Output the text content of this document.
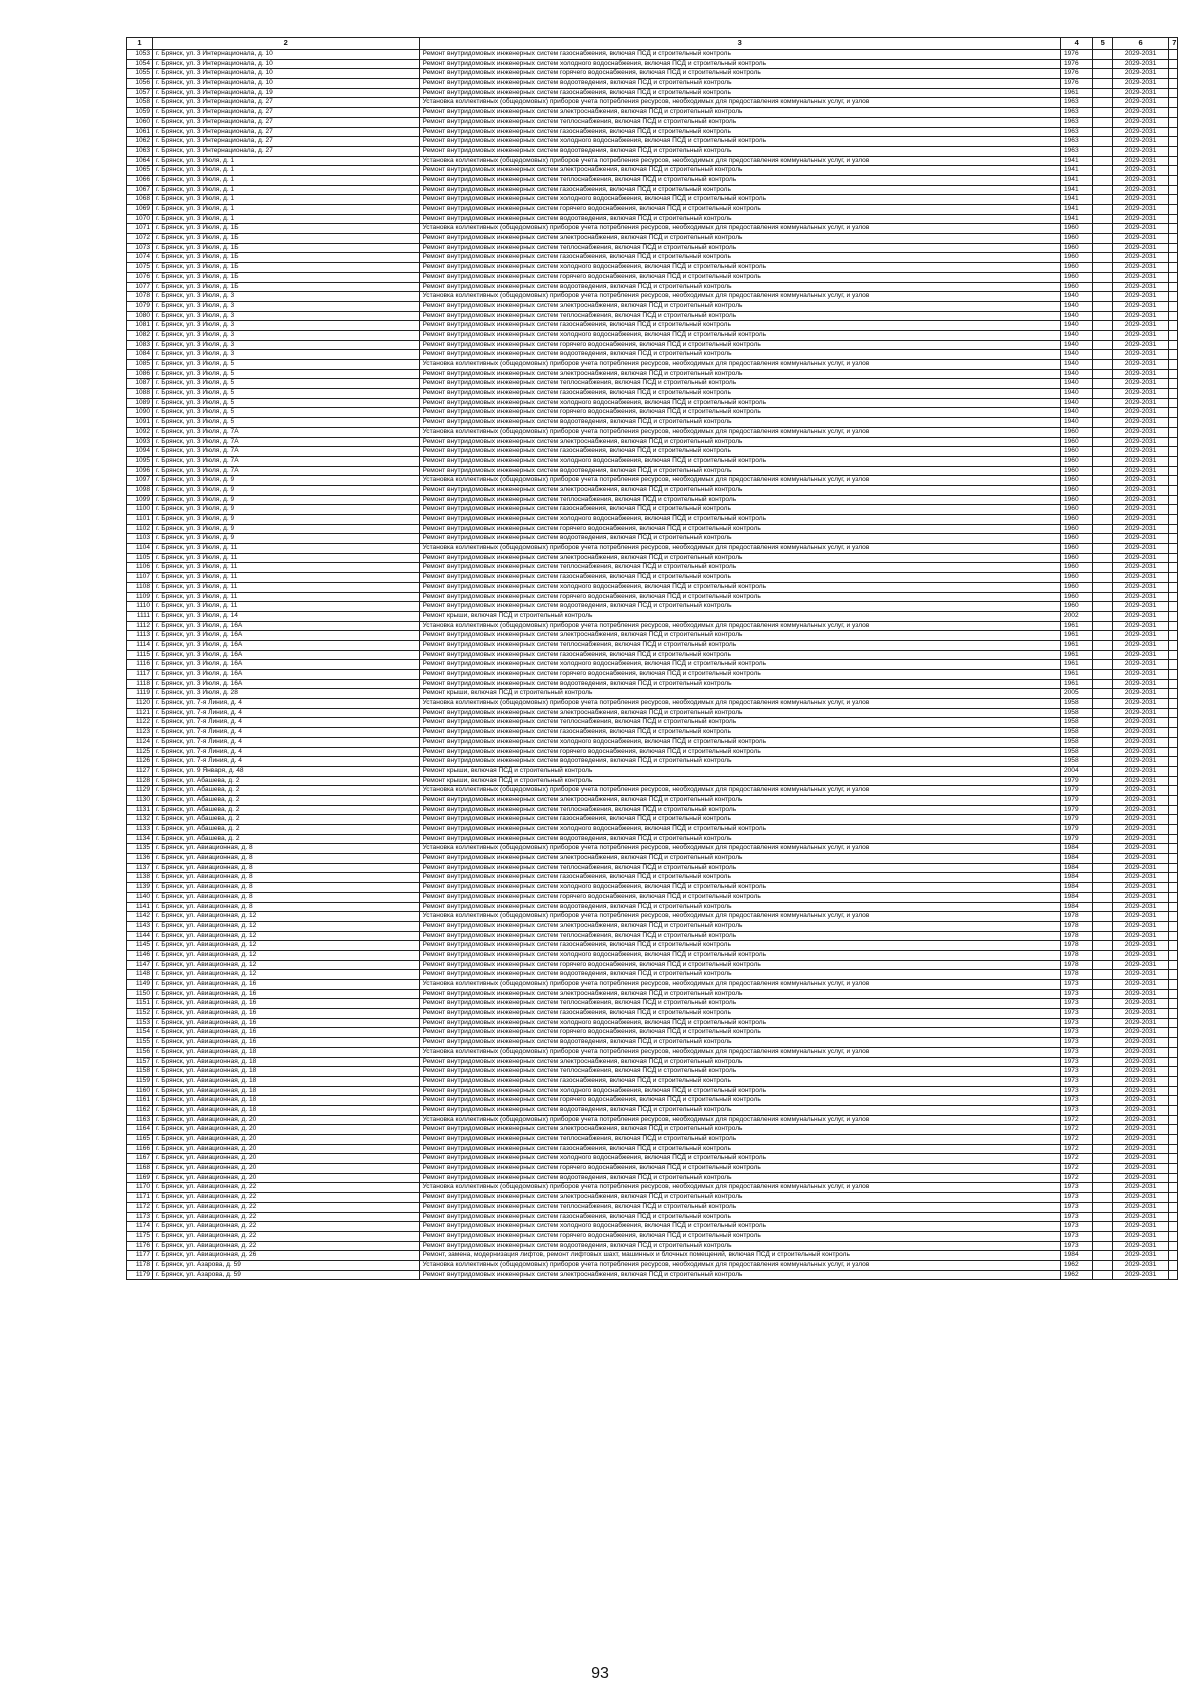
1	2	3	4	5	6	7
1053	г. Брянск, ул. 3 Интернационала, д. 10	Ремонт внутридомовых инженерных систем газоснабжения, включая ПСД и строительный контроль	1976		2029-2031	
1054	г. Брянск, ул. 3 Интернационала, д. 10	Ремонт внутридомовых инженерных систем холодного водоснабжения, включая ПСД и строительный контроль	1976		2029-2031	
1055	г. Брянск, ул. 3 Интернационала, д. 10	Ремонт внутридомовых инженерных систем горячего водоснабжения, включая ПСД и строительный контроль	1976		2029-2031	
1056	г. Брянск, ул. 3 Интернационала, д. 10	Ремонт внутридомовых инженерных систем водоотведения, включая ПСД и строительный контроль	1976		2029-2031	
1057	г. Брянск, ул. 3 Интернационала, д. 19	Ремонт внутридомовых инженерных систем газоснабжения, включая ПСД и строительный контроль	1961		2029-2031	
1058	г. Брянск, ул. 3 Интернационала, д. 27	Установка коллективных (общедомовых) приборов учета потребления ресурсов, необходимых для предоставления коммунальных услуг, и узлов	1963		2029-2031	
1059	г. Брянск, ул. 3 Интернационала, д. 27	Ремонт внутридомовых инженерных систем электроснабжения, включая ПСД и строительный контроль	1963		2029-2031	
1060	г. Брянск, ул. 3 Интернационала, д. 27	Ремонт внутридомовых инженерных систем теплоснабжения, включая ПСД и строительный контроль	1963		2029-2031	
1061	г. Брянск, ул. 3 Интернационала, д. 27	Ремонт внутридомовых инженерных систем газоснабжения, включая ПСД и строительный контроль	1963		2029-2031	
1062	г. Брянск, ул. 3 Интернационала, д. 27	Ремонт внутридомовых инженерных систем холодного водоснабжения, включая ПСД и строительный контроль	1963		2029-2031	
1063	г. Брянск, ул. 3 Интернационала, д. 27	Ремонт внутридомовых инженерных систем водоотведения, включая ПСД и строительный контроль	1963		2029-2031	
1064	г. Брянск, ул. 3 Июля, д. 1	Установка коллективных (общедомовых) приборов учета потребления ресурсов, необходимых для предоставления коммунальных услуг, и узлов	1941		2029-2031	
1065	г. Брянск, ул. 3 Июля, д. 1	Ремонт внутридомовых инженерных систем электроснабжения, включая ПСД и строительный контроль	1941		2029-2031	
1066	г. Брянск, ул. 3 Июля, д. 1	Ремонт внутридомовых инженерных систем теплоснабжения, включая ПСД и строительный контроль	1941		2029-2031	
1067	г. Брянск, ул. 3 Июля, д. 1	Ремонт внутридомовых инженерных систем газоснабжения, включая ПСД и строительный контроль	1941		2029-2031	
1068	г. Брянск, ул. 3 Июля, д. 1	Ремонт внутридомовых инженерных систем холодного водоснабжения, включая ПСД и строительный контроль	1941		2029-2031	
1069	г. Брянск, ул. 3 Июля, д. 1	Ремонт внутридомовых инженерных систем горячего водоснабжения, включая ПСД и строительный контроль	1941		2029-2031	
1070	г. Брянск, ул. 3 Июля, д. 1	Ремонт внутридомовых инженерных систем водоотведения, включая ПСД и строительный контроль	1941		2029-2031	
1071	г. Брянск, ул. 3 Июля, д. 1Б	Установка коллективных (общедомовых) приборов учета потребления ресурсов, необходимых для предоставления коммунальных услуг, и узлов	1960		2029-2031	
1072	г. Брянск, ул. 3 Июля, д. 1Б	Ремонт внутридомовых инженерных систем электроснабжения, включая ПСД и строительный контроль	1960		2029-2031	
1073	г. Брянск, ул. 3 Июля, д. 1Б	Ремонт внутридомовых инженерных систем теплоснабжения, включая ПСД и строительный контроль	1960		2029-2031	
1074	г. Брянск, ул. 3 Июля, д. 1Б	Ремонт внутридомовых инженерных систем газоснабжения, включая ПСД и строительный контроль	1960		2029-2031	
1075	г. Брянск, ул. 3 Июля, д. 1Б	Ремонт внутридомовых инженерных систем холодного водоснабжения, включая ПСД и строительный контроль	1960		2029-2031	
1076	г. Брянск, ул. 3 Июля, д. 1Б	Ремонт внутридомовых инженерных систем горячего водоснабжения, включая ПСД и строительный контроль	1960		2029-2031	
1077	г. Брянск, ул. 3 Июля, д. 1Б	Ремонт внутридомовых инженерных систем водоотведения, включая ПСД и строительный контроль	1960		2029-2031	
1078	г. Брянск, ул. 3 Июля, д. 3	Установка коллективных (общедомовых) приборов учета потребления ресурсов, необходимых для предоставления коммунальных услуг, и узлов	1940		2029-2031	
1079	г. Брянск, ул. 3 Июля, д. 3	Ремонт внутридомовых инженерных систем электроснабжения, включая ПСД и строительный контроль	1940		2029-2031	
1080	г. Брянск, ул. 3 Июля, д. 3	Ремонт внутридомовых инженерных систем теплоснабжения, включая ПСД и строительный контроль	1940		2029-2031	
1081	г. Брянск, ул. 3 Июля, д. 3	Ремонт внутридомовых инженерных систем газоснабжения, включая ПСД и строительный контроль	1940		2029-2031	
1082	г. Брянск, ул. 3 Июля, д. 3	Ремонт внутридомовых инженерных систем холодного водоснабжения, включая ПСД и строительный контроль	1940		2029-2031	
1083	г. Брянск, ул. 3 Июля, д. 3	Ремонт внутридомовых инженерных систем горячего водоснабжения, включая ПСД и строительный контроль	1940		2029-2031	
1084	г. Брянск, ул. 3 Июля, д. 3	Ремонт внутридомовых инженерных систем водоотведения, включая ПСД и строительный контроль	1940		2029-2031	
1085	г. Брянск, ул. 3 Июля, д. 5	Установка коллективных (общедомовых) приборов учета потребления ресурсов, необходимых для предоставления коммунальных услуг, и узлов	1940		2029-2031	
1086	г. Брянск, ул. 3 Июля, д. 5	Ремонт внутридомовых инженерных систем электроснабжения, включая ПСД и строительный контроль	1940		2029-2031	
1087	г. Брянск, ул. 3 Июля, д. 5	Ремонт внутридомовых инженерных систем теплоснабжения, включая ПСД и строительный контроль	1940		2029-2031	
1088	г. Брянск, ул. 3 Июля, д. 5	Ремонт внутридомовых инженерных систем газоснабжения, включая ПСД и строительный контроль	1940		2029-2031	
1089	г. Брянск, ул. 3 Июля, д. 5	Ремонт внутридомовых инженерных систем холодного водоснабжения, включая ПСД и строительный контроль	1940		2029-2031	
1090	г. Брянск, ул. 3 Июля, д. 5	Ремонт внутридомовых инженерных систем горячего водоснабжения, включая ПСД и строительный контроль	1940		2029-2031	
1091	г. Брянск, ул. 3 Июля, д. 5	Ремонт внутридомовых инженерных систем водоотведения, включая ПСД и строительный контроль	1940		2029-2031	
1092	г. Брянск, ул. 3 Июля, д. 7А	Установка коллективных (общедомовых) приборов учета потребления ресурсов, необходимых для предоставления коммунальных услуг, и узлов	1960		2029-2031	
1093	г. Брянск, ул. 3 Июля, д. 7А	Ремонт внутридомовых инженерных систем электроснабжения, включая ПСД и строительный контроль	1960		2029-2031	
1094	г. Брянск, ул. 3 Июля, д. 7А	Ремонт внутридомовых инженерных систем газоснабжения, включая ПСД и строительный контроль	1960		2029-2031	
1095	г. Брянск, ул. 3 Июля, д. 7А	Ремонт внутридомовых инженерных систем холодного водоснабжения, включая ПСД и строительный контроль	1960		2029-2031	
1096	г. Брянск, ул. 3 Июля, д. 7А	Ремонт внутридомовых инженерных систем водоотведения, включая ПСД и строительный контроль	1960		2029-2031	
1097	г. Брянск, ул. 3 Июля, д. 9	Установка коллективных (общедомовых) приборов учета потребления ресурсов, необходимых для предоставления коммунальных услуг, и узлов	1960		2029-2031	
1098	г. Брянск, ул. 3 Июля, д. 9	Ремонт внутридомовых инженерных систем электроснабжения, включая ПСД и строительный контроль	1960		2029-2031	
1099	г. Брянск, ул. 3 Июля, д. 9	Ремонт внутридомовых инженерных систем теплоснабжения, включая ПСД и строительный контроль	1960		2029-2031	
1100	г. Брянск, ул. 3 Июля, д. 9	Ремонт внутридомовых инженерных систем газоснабжения, включая ПСД и строительный контроль	1960		2029-2031	
1101	г. Брянск, ул. 3 Июля, д. 9	Ремонт внутридомовых инженерных систем холодного водоснабжения, включая ПСД и строительный контроль	1960		2029-2031	
1102	г. Брянск, ул. 3 Июля, д. 9	Ремонт внутридомовых инженерных систем горячего водоснабжения, включая ПСД и строительный контроль	1960		2029-2031	
1103	г. Брянск, ул. 3 Июля, д. 9	Ремонт внутридомовых инженерных систем водоотведения, включая ПСД и строительный контроль	1960		2029-2031	
1104	г. Брянск, ул. 3 Июля, д. 11	Установка коллективных (общедомовых) приборов учета потребления ресурсов, необходимых для предоставления коммунальных услуг, и узлов	1960		2029-2031	
1105	г. Брянск, ул. 3 Июля, д. 11	Ремонт внутридомовых инженерных систем электроснабжения, включая ПСД и строительный контроль	1960		2029-2031	
1106	г. Брянск, ул. 3 Июля, д. 11	Ремонт внутридомовых инженерных систем теплоснабжения, включая ПСД и строительный контроль	1960		2029-2031	
1107	г. Брянск, ул. 3 Июля, д. 11	Ремонт внутридомовых инженерных систем газоснабжения, включая ПСД и строительный контроль	1960		2029-2031	
1108	г. Брянск, ул. 3 Июля, д. 11	Ремонт внутридомовых инженерных систем холодного водоснабжения, включая ПСД и строительный контроль	1960		2029-2031	
1109	г. Брянск, ул. 3 Июля, д. 11	Ремонт внутридомовых инженерных систем горячего водоснабжения, включая ПСД и строительный контроль	1960		2029-2031	
1110	г. Брянск, ул. 3 Июля, д. 11	Ремонт внутридомовых инженерных систем водоотведения, включая ПСД и строительный контроль	1960		2029-2031	
1111	г. Брянск, ул. 3 Июля, д. 14	Ремонт крыши, включая ПСД и строительный контроль	2002		2029-2031	
1112	г. Брянск, ул. 3 Июля, д. 16А	Установка коллективных (общедомовых) приборов учета потребления ресурсов, необходимых для предоставления коммунальных услуг, и узлов	1961		2029-2031	
1113	г. Брянск, ул. 3 Июля, д. 16А	Ремонт внутридомовых инженерных систем электроснабжения, включая ПСД и строительный контроль	1961		2029-2031	
1114	г. Брянск, ул. 3 Июля, д. 16А	Ремонт внутридомовых инженерных систем теплоснабжения, включая ПСД и строительный контроль	1961		2029-2031	
1115	г. Брянск, ул. 3 Июля, д. 16А	Ремонт внутридомовых инженерных систем газоснабжения, включая ПСД и строительный контроль	1961		2029-2031	
1116	г. Брянск, ул. 3 Июля, д. 16А	Ремонт внутридомовых инженерных систем холодного водоснабжения, включая ПСД и строительный контроль	1961		2029-2031	
1117	г. Брянск, ул. 3 Июля, д. 16А	Ремонт внутридомовых инженерных систем горячего водоснабжения, включая ПСД и строительный контроль	1961		2029-2031	
1118	г. Брянск, ул. 3 Июля, д. 16А	Ремонт внутридомовых инженерных систем водоотведения, включая ПСД и строительный контроль	1961		2029-2031	
1119	г. Брянск, ул. 3 Июля, д. 28	Ремонт крыши, включая ПСД и строительный контроль	2005		2029-2031	
1120	г. Брянск, ул. 7-я Линия, д. 4	Установка коллективных (общедомовых) приборов учета потребления ресурсов, необходимых для предоставления коммунальных услуг, и узлов	1958		2029-2031	
1121	г. Брянск, ул. 7-я Линия, д. 4	Ремонт внутридомовых инженерных систем электроснабжения, включая ПСД и строительный контроль	1958		2029-2031	
1122	г. Брянск, ул. 7-я Линия, д. 4	Ремонт внутридомовых инженерных систем теплоснабжения, включая ПСД и строительный контроль	1958		2029-2031	
1123	г. Брянск, ул. 7-я Линия, д. 4	Ремонт внутридомовых инженерных систем газоснабжения, включая ПСД и строительный контроль	1958		2029-2031	
1124	г. Брянск, ул. 7-я Линия, д. 4	Ремонт внутридомовых инженерных систем холодного водоснабжения, включая ПСД и строительный контроль	1958		2029-2031	
1125	г. Брянск, ул. 7-я Линия, д. 4	Ремонт внутридомовых инженерных систем горячего водоснабжения, включая ПСД и строительный контроль	1958		2029-2031	
1126	г. Брянск, ул. 7-я Линия, д. 4	Ремонт внутридомовых инженерных систем водоотведения, включая ПСД и строительный контроль	1958		2029-2031	
1127	г. Брянск, ул. 9 Января, д. 48	Ремонт крыши, включая ПСД и строительный контроль	2004		2029-2031	
1128	г. Брянск, ул. Абашева, д. 2	Ремонт крыши, включая ПСД и строительный контроль	1979		2029-2031	
1129	г. Брянск, ул. Абашева, д. 2	Установка коллективных (общедомовых) приборов учета потребления ресурсов, необходимых для предоставления коммунальных услуг, и узлов	1979		2029-2031	
1130	г. Брянск, ул. Абашева, д. 2	Ремонт внутридомовых инженерных систем электроснабжения, включая ПСД и строительный контроль	1979		2029-2031	
1131	г. Брянск, ул. Абашева, д. 2	Ремонт внутридомовых инженерных систем теплоснабжения, включая ПСД и строительный контроль	1979		2029-2031	
1132	г. Брянск, ул. Абашева, д. 2	Ремонт внутридомовых инженерных систем газоснабжения, включая ПСД и строительный контроль	1979		2029-2031	
1133	г. Брянск, ул. Абашева, д. 2	Ремонт внутридомовых инженерных систем холодного водоснабжения, включая ПСД и строительный контроль	1979		2029-2031	
1134	г. Брянск, ул. Абашева, д. 2	Ремонт внутридомовых инженерных систем водоотведения, включая ПСД и строительный контроль	1979		2029-2031	
1135	г. Брянск, ул. Авиационная, д. 8	Установка коллективных (общедомовых) приборов учета потребления ресурсов, необходимых для предоставления коммунальных услуг, и узлов	1984		2029-2031	
1136	г. Брянск, ул. Авиационная, д. 8	Ремонт внутридомовых инженерных систем электроснабжения, включая ПСД и строительный контроль	1984		2029-2031	
1137	г. Брянск, ул. Авиационная, д. 8	Ремонт внутридомовых инженерных систем теплоснабжения, включая ПСД и строительный контроль	1984		2029-2031	
1138	г. Брянск, ул. Авиационная, д. 8	Ремонт внутридомовых инженерных систем газоснабжения, включая ПСД и строительный контроль	1984		2029-2031	
1139	г. Брянск, ул. Авиационная, д. 8	Ремонт внутридомовых инженерных систем холодного водоснабжения, включая ПСД и строительный контроль	1984		2029-2031	
1140	г. Брянск, ул. Авиационная, д. 8	Ремонт внутридомовых инженерных систем горячего водоснабжения, включая ПСД и строительный контроль	1984		2029-2031	
1141	г. Брянск, ул. Авиационная, д. 8	Ремонт внутридомовых инженерных систем водоотведения, включая ПСД и строительный контроль	1984		2029-2031	
1142	г. Брянск, ул. Авиационная, д. 12	Установка коллективных (общедомовых) приборов учета потребления ресурсов, необходимых для предоставления коммунальных услуг, и узлов	1978		2029-2031	
1143	г. Брянск, ул. Авиационная, д. 12	Ремонт внутридомовых инженерных систем электроснабжения, включая ПСД и строительный контроль	1978		2029-2031	
1144	г. Брянск, ул. Авиационная, д. 12	Ремонт внутридомовых инженерных систем теплоснабжения, включая ПСД и строительный контроль	1978		2029-2031	
1145	г. Брянск, ул. Авиационная, д. 12	Ремонт внутридомовых инженерных систем газоснабжения, включая ПСД и строительный контроль	1978		2029-2031	
1146	г. Брянск, ул. Авиационная, д. 12	Ремонт внутридомовых инженерных систем холодного водоснабжения, включая ПСД и строительный контроль	1978		2029-2031	
1147	г. Брянск, ул. Авиационная, д. 12	Ремонт внутридомовых инженерных систем горячего водоснабжения, включая ПСД и строительный контроль	1978		2029-2031	
1148	г. Брянск, ул. Авиационная, д. 12	Ремонт внутридомовых инженерных систем водоотведения, включая ПСД и строительный контроль	1978		2029-2031	
1149	г. Брянск, ул. Авиационная, д. 16	Установка коллективных (общедомовых) приборов учета потребления ресурсов, необходимых для предоставления коммунальных услуг, и узлов	1973		2029-2031	
1150	г. Брянск, ул. Авиационная, д. 16	Ремонт внутридомовых инженерных систем электроснабжения, включая ПСД и строительный контроль	1973		2029-2031	
1151	г. Брянск, ул. Авиационная, д. 16	Ремонт внутридомовых инженерных систем теплоснабжения, включая ПСД и строительный контроль	1973		2029-2031	
1152	г. Брянск, ул. Авиационная, д. 16	Ремонт внутридомовых инженерных систем газоснабжения, включая ПСД и строительный контроль	1973		2029-2031	
1153	г. Брянск, ул. Авиационная, д. 16	Ремонт внутридомовых инженерных систем холодного водоснабжения, включая ПСД и строительный контроль	1973		2029-2031	
1154	г. Брянск, ул. Авиационная, д. 16	Ремонт внутридомовых инженерных систем горячего водоснабжения, включая ПСД и строительный контроль	1973		2029-2031	
1155	г. Брянск, ул. Авиационная, д. 16	Ремонт внутридомовых инженерных систем водоотведения, включая ПСД и строительный контроль	1973		2029-2031	
1156	г. Брянск, ул. Авиационная, д. 18	Установка коллективных (общедомовых) приборов учета потребления ресурсов, необходимых для предоставления коммунальных услуг, и узлов	1973		2029-2031	
1157	г. Брянск, ул. Авиационная, д. 18	Ремонт внутридомовых инженерных систем электроснабжения, включая ПСД и строительный контроль	1973		2029-2031	
1158	г. Брянск, ул. Авиационная, д. 18	Ремонт внутридомовых инженерных систем теплоснабжения, включая ПСД и строительный контроль	1973		2029-2031	
1159	г. Брянск, ул. Авиационная, д. 18	Ремонт внутридомовых инженерных систем газоснабжения, включая ПСД и строительный контроль	1973		2029-2031	
1160	г. Брянск, ул. Авиационная, д. 18	Ремонт внутридомовых инженерных систем холодного водоснабжения, включая ПСД и строительный контроль	1973		2029-2031	
1161	г. Брянск, ул. Авиационная, д. 18	Ремонт внутридомовых инженерных систем горячего водоснабжения, включая ПСД и строительный контроль	1973		2029-2031	
1162	г. Брянск, ул. Авиационная, д. 18	Ремонт внутридомовых инженерных систем водоотведения, включая ПСД и строительный контроль	1973		2029-2031	
1163	г. Брянск, ул. Авиационная, д. 20	Установка коллективных (общедомовых) приборов учета потребления ресурсов, необходимых для предоставления коммунальных услуг, и узлов	1972		2029-2031	
1164	г. Брянск, ул. Авиационная, д. 20	Ремонт внутридомовых инженерных систем электроснабжения, включая ПСД и строительный контроль	1972		2029-2031	
1165	г. Брянск, ул. Авиационная, д. 20	Ремонт внутридомовых инженерных систем теплоснабжения, включая ПСД и строительный контроль	1972		2029-2031	
1166	г. Брянск, ул. Авиационная, д. 20	Ремонт внутридомовых инженерных систем газоснабжения, включая ПСД и строительный контроль	1972		2029-2031	
1167	г. Брянск, ул. Авиационная, д. 20	Ремонт внутридомовых инженерных систем холодного водоснабжения, включая ПСД и строительный контроль	1972		2029-2031	
1168	г. Брянск, ул. Авиационная, д. 20	Ремонт внутридомовых инженерных систем горячего водоснабжения, включая ПСД и строительный контроль	1972		2029-2031	
1169	г. Брянск, ул. Авиационная, д. 20	Ремонт внутридомовых инженерных систем водоотведения, включая ПСД и строительный контроль	1972		2029-2031	
1170	г. Брянск, ул. Авиационная, д. 22	Установка коллективных (общедомовых) приборов учета потребления ресурсов, необходимых для предоставления коммунальных услуг, и узлов	1973		2029-2031	
1171	г. Брянск, ул. Авиационная, д. 22	Ремонт внутридомовых инженерных систем электроснабжения, включая ПСД и строительный контроль	1973		2029-2031	
1172	г. Брянск, ул. Авиационная, д. 22	Ремонт внутридомовых инженерных систем теплоснабжения, включая ПСД и строительный контроль	1973		2029-2031	
1173	г. Брянск, ул. Авиационная, д. 22	Ремонт внутридомовых инженерных систем газоснабжения, включая ПСД и строительный контроль	1973		2029-2031	
1174	г. Брянск, ул. Авиационная, д. 22	Ремонт внутридомовых инженерных систем холодного водоснабжения, включая ПСД и строительный контроль	1973		2029-2031	
1175	г. Брянск, ул. Авиационная, д. 22	Ремонт внутридомовых инженерных систем горячего водоснабжения, включая ПСД и строительный контроль	1973		2029-2031	
1176	г. Брянск, ул. Авиационная, д. 22	Ремонт внутридомовых инженерных систем водоотведения, включая ПСД и строительный контроль	1973		2029-2031	
1177	г. Брянск, ул. Авиационная, д. 26	Ремонт, замена, модернизация лифтов, ремонт лифтовых шахт, машинных и блочных помещений, включая ПСД и строительный контроль	1984		2029-2031	
1178	г. Брянск, ул. Азарова, д. 59	Установка коллективных (общедомовых) приборов учета потребления ресурсов, необходимых для предоставления коммунальных услуг, и узлов	1962		2029-2031	
1179	г. Брянск, ул. Азарова, д. 59	Ремонт внутридомовых инженерных систем электроснабжения, включая ПСД и строительный контроль	1962		2029-2031	
93
